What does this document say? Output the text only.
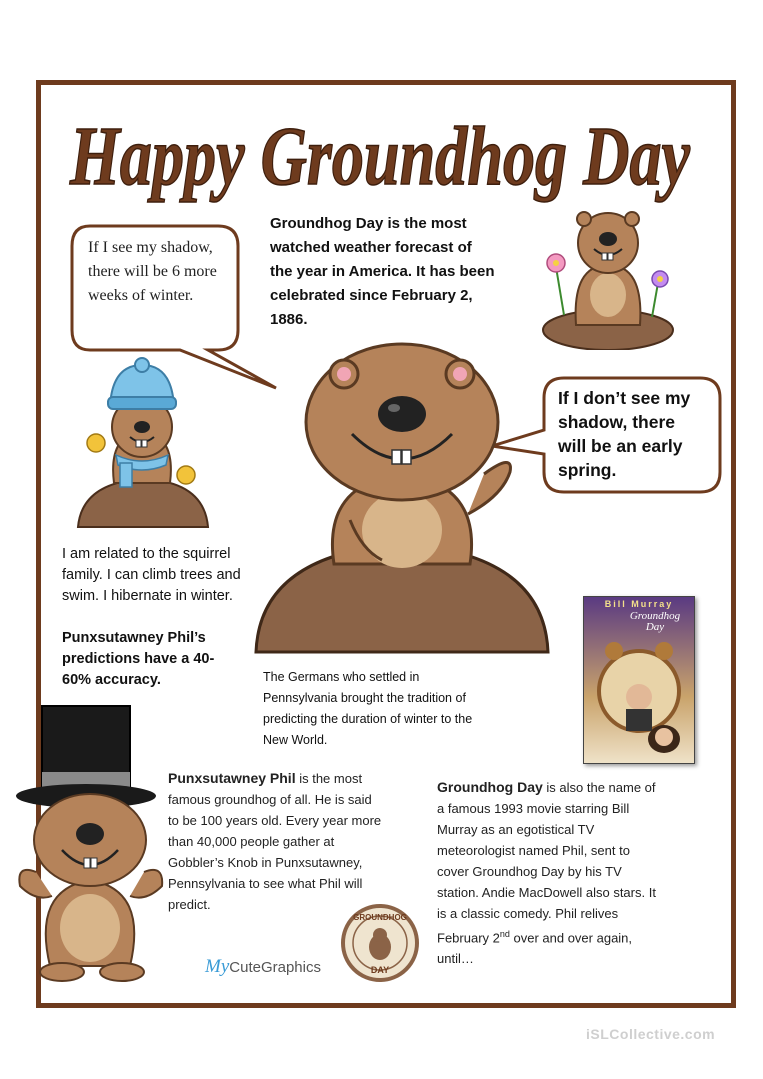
Happy Groundhog Day
If I see my shadow, there will be 6 more weeks of winter.
Groundhog Day is the most watched weather forecast of the year in America. It has been celebrated since February 2, 1886.
If I don’t see my shadow, there will be an early spring.
I am related to the squirrel family. I can climb trees and swim. I hibernate in winter.
Punxsutawney Phil’s predictions have a 40-60% accuracy.	The Germans who settled in Pennsylvania brought the tradition of predicting the duration of winter to the New World.
Bill Murray
Groundhog
Day
Punxsutawney Phil is the most famous groundhog of all. He is said to be 100 years old. Every year more than 40,000 people gather at Gobbler’s Knob in Punxsutawney, Pennsylvania to see what Phil will predict.
Groundhog Day is also the name of a famous 1993 movie starring Bill Murray as an egotistical TV meteorologist named Phil, sent to cover Groundhog Day by his TV station. Andie MacDowell also stars. It is a classic comedy. Phil relives February 2nd over and over again, until…
MyCuteGraphics
GROUNDHOG
DAY
iSLCollective.com
